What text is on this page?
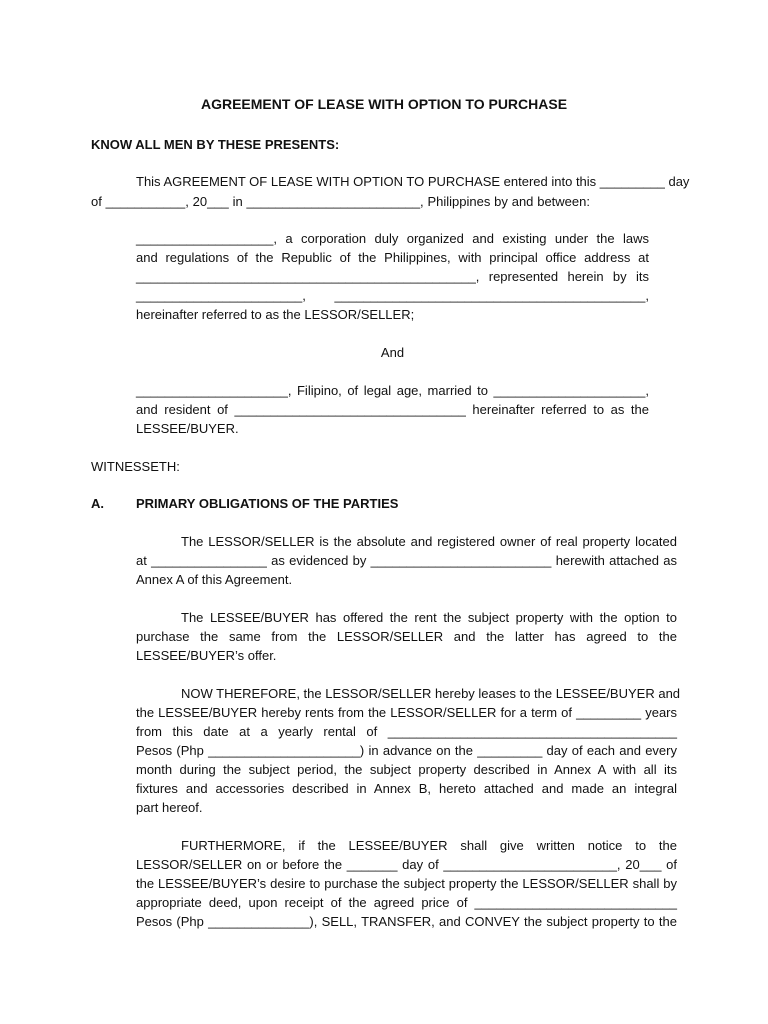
AGREEMENT OF LEASE WITH OPTION TO PURCHASE

KNOW ALL MEN BY THESE PRESENTS:

This AGREEMENT OF LEASE WITH OPTION TO PURCHASE entered into this _________ day

of ___________, 20___ in ________________________, Philippines by and between:

___________________, a corporation duly organized and existing under the laws

and regulations of the Republic of the Philippines, with principal office address at

_______________________________________________, represented herein by its

_______________________, ___________________________________________,

hereinafter referred to as the LESSOR/SELLER;

And

_____________________, Filipino, of legal age, married to _____________________,

and resident of ________________________________ hereinafter referred to as the

LESSEE/BUYER.

WITNESSETH:

A. PRIMARY OBLIGATIONS OF THE PARTIES

The LESSOR/SELLER is the absolute and registered owner of real property located

at ________________ as evidenced by _________________________ herewith attached as

Annex A of this Agreement.

The LESSEE/BUYER has offered the rent the subject property with the option to

purchase the same from the LESSOR/SELLER and the latter has agreed to the

LESSEE/BUYER’s offer.

NOW THEREFORE, the LESSOR/SELLER hereby leases to the LESSEE/BUYER and

the LESSEE/BUYER hereby rents from the LESSOR/SELLER for a term of _________ years

from this date at a yearly rental of ________________________________________

Pesos (Php _____________________) in advance on the _________ day of each and every

month during the subject period, the subject property described in Annex A with all its

fixtures and accessories described in Annex B, hereto attached and made an integral

part hereof.

FURTHERMORE, if the LESSEE/BUYER shall give written notice to the

LESSOR/SELLER on or before the _______ day of ________________________, 20___ of

the LESSEE/BUYER’s desire to purchase the subject property the LESSOR/SELLER shall by

appropriate deed, upon receipt of the agreed price of ____________________________

Pesos (Php ______________), SELL, TRANSFER, and CONVEY the subject property to the
